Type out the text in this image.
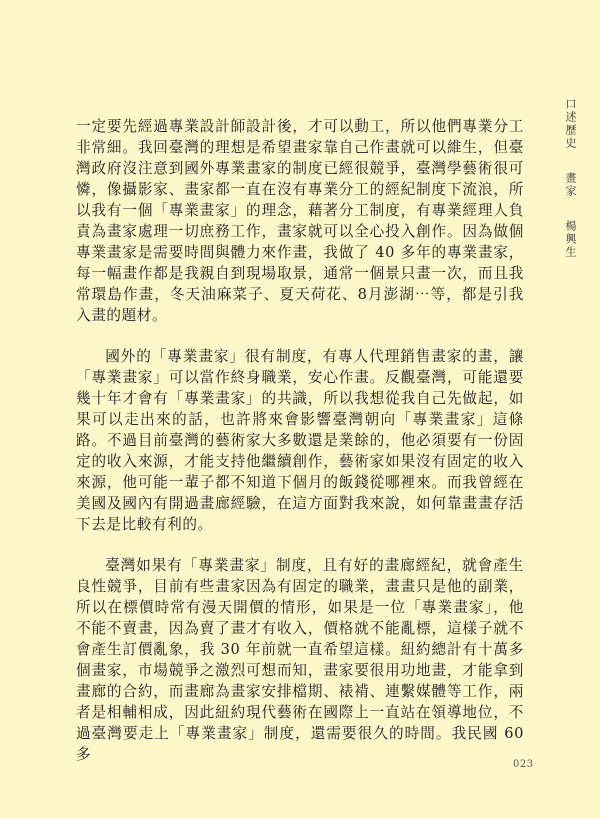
口述歷史
畫家
楊興生

一定要先經過專業設計師設計後，才可以動工，所以他們專業分工非常細。我回臺灣的理想是希望畫家靠自己作畫就可以維生，但臺灣政府沒注意到國外專業畫家的制度已經很競爭，臺灣學藝術很可憐，像攝影家、畫家都一直在沒有專業分工的經紀制度下流浪，所以我有一個「專業畫家」的理念，藉著分工制度，有專業經理人負責為畫家處理一切庶務工作，畫家就可以全心投入創作。因為做個專業畫家是需要時間與體力來作畫，我做了 40 多年的專業畫家，每一幅畫作都是我親自到現場取景，通常一個景只畫一次，而且我常環島作畫，冬天油麻菜子、夏天荷花、8月澎湖⋯等，都是引我入畫的題材。

國外的「專業畫家」很有制度，有專人代理銷售畫家的畫，讓「專業畫家」可以當作終身職業，安心作畫。反觀臺灣，可能還要幾十年才會有「專業畫家」的共識，所以我想從我自己先做起，如果可以走出來的話，也許將來會影響臺灣朝向「專業畫家」這條路。不過目前臺灣的藝術家大多數還是業餘的，他必須要有一份固定的收入來源，才能支持他繼續創作，藝術家如果沒有固定的收入來源，他可能一輩子都不知道下個月的飯錢從哪裡來。而我曾經在美國及國內有開過畫廊經驗，在這方面對我來說，如何靠畫畫存活下去是比較有利的。

臺灣如果有「專業畫家」制度，且有好的畫廊經紀，就會產生良性競爭，目前有些畫家因為有固定的職業，畫畫只是他的副業，所以在標價時常有漫天開價的情形，如果是一位「專業畫家」，他不能不賣畫，因為賣了畫才有收入，價格就不能亂標，這樣子就不會產生訂價亂象，我 30 年前就一直希望這樣。紐約總計有十萬多個畫家，市場競爭之激烈可想而知，畫家要很用功地畫，才能拿到畫廊的合約，而畫廊為畫家安排檔期、裱褙、連繫媒體等工作，兩者是相輔相成，因此紐約現代藝術在國際上一直站在領導地位，不過臺灣要走上「專業畫家」制度，還需要很久的時間。我民國 60 多

023
